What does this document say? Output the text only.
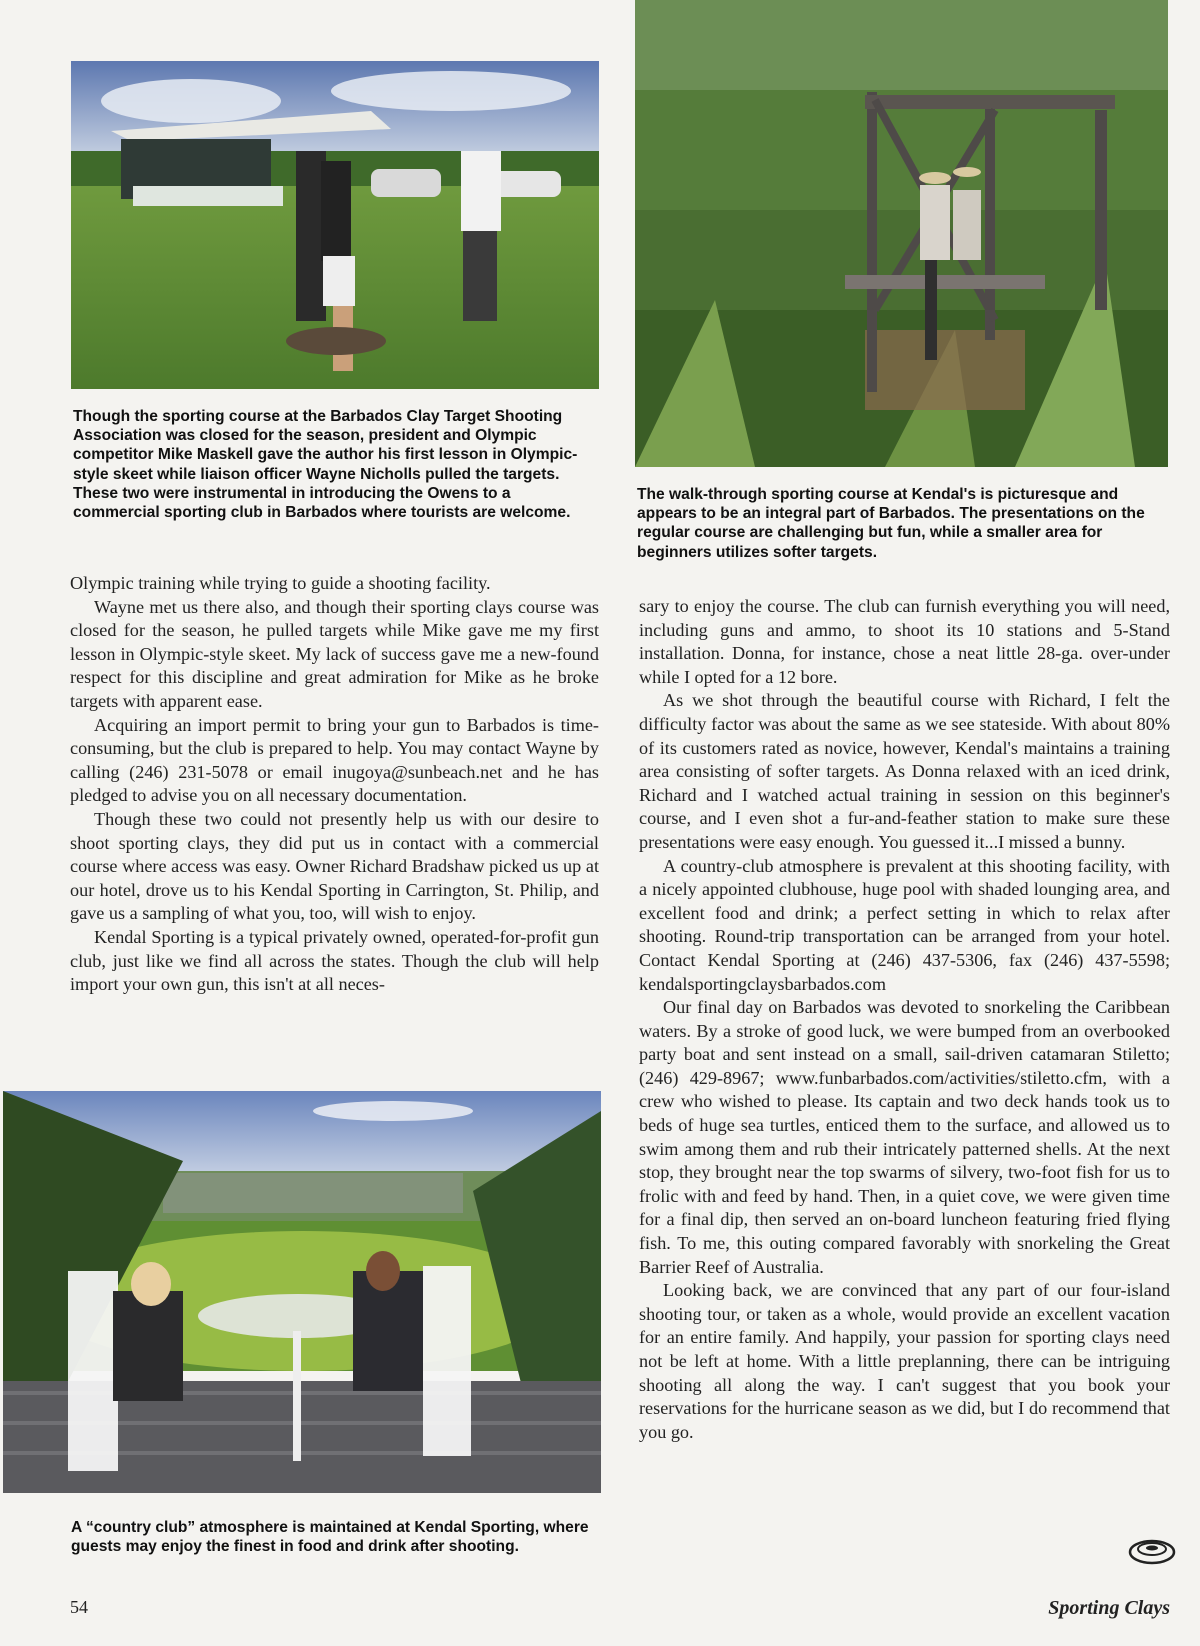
Though the sporting course at the Barbados Clay Target Shooting Association was closed for the season, president and Olympic competitor Mike Maskell gave the author his first lesson in Olympic-style skeet while liaison officer Wayne Nicholls pulled the targets. These two were instrumental in introducing the Owens to a commercial sporting club in Barbados where tourists are welcome.

The walk-through sporting course at Kendal's is picturesque and appears to be an integral part of Barbados. The presentations on the regular course are challenging but fun, while a smaller area for beginners utilizes softer targets.

Olympic training while trying to guide a shooting facility.

Wayne met us there also, and though their sporting clays course was closed for the season, he pulled targets while Mike gave me my first lesson in Olympic-style skeet. My lack of success gave me a new-found respect for this discipline and great admiration for Mike as he broke targets with apparent ease.

Acquiring an import permit to bring your gun to Barbados is time-consuming, but the club is prepared to help. You may contact Wayne by calling (246) 231-5078 or email inugoya@sunbeach.net and he has pledged to advise you on all necessary documentation.

Though these two could not presently help us with our desire to shoot sporting clays, they did put us in contact with a commercial course where access was easy. Owner Richard Bradshaw picked us up at our hotel, drove us to his Kendal Sporting in Carrington, St. Philip, and gave us a sampling of what you, too, will wish to enjoy.

Kendal Sporting is a typical privately owned, operated-for-profit gun club, just like we find all across the states. Though the club will help import your own gun, this isn't at all neces-

A “country club” atmosphere is maintained at Kendal Sporting, where guests may enjoy the finest in food and drink after shooting.

sary to enjoy the course. The club can furnish everything you will need, including guns and ammo, to shoot its 10 stations and 5-Stand installation. Donna, for instance, chose a neat little 28-ga. over-under while I opted for a 12 bore.

As we shot through the beautiful course with Richard, I felt the difficulty factor was about the same as we see stateside. With about 80% of its customers rated as novice, however, Kendal's maintains a training area consisting of softer targets. As Donna relaxed with an iced drink, Richard and I watched actual training in session on this beginner's course, and I even shot a fur-and-feather station to make sure these presentations were easy enough. You guessed it...I missed a bunny.

A country-club atmosphere is prevalent at this shooting facility, with a nicely appointed clubhouse, huge pool with shaded lounging area, and excellent food and drink; a perfect setting in which to relax after shooting. Round-trip transportation can be arranged from your hotel. Contact Kendal Sporting at (246) 437-5306, fax (246) 437-5598; kendalsportingclaysbarbados.com

Our final day on Barbados was devoted to snorkeling the Caribbean waters. By a stroke of good luck, we were bumped from an overbooked party boat and sent instead on a small, sail-driven catamaran Stiletto; (246) 429-8967; www.funbarbados.com/activities/stiletto.cfm, with a crew who wished to please. Its captain and two deck hands took us to beds of huge sea turtles, enticed them to the surface, and allowed us to swim among them and rub their intricately patterned shells. At the next stop, they brought near the top swarms of silvery, two-foot fish for us to frolic with and feed by hand. Then, in a quiet cove, we were given time for a final dip, then served an on-board luncheon featuring fried flying fish. To me, this outing compared favorably with snorkeling the Great Barrier Reef of Australia.

Looking back, we are convinced that any part of our four-island shooting tour, or taken as a whole, would provide an excellent vacation for an entire family. And happily, your passion for sporting clays need not be left at home. With a little preplanning, there can be intriguing shooting all along the way. I can't suggest that you book your reservations for the hurricane season as we did, but I do recommend that you go.

54	Sporting Clays
